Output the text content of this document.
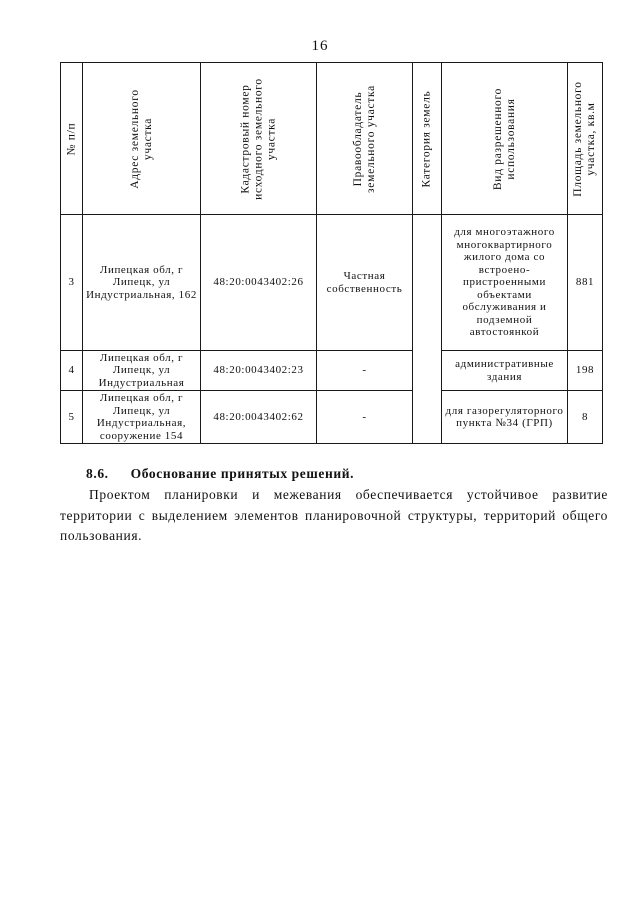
16
№ п/п	Адрес земельного участка	Кадастровый номер исходного земельного участка	Правообладатель земельного участка	Категория земель	Вид разрешенного использования	Площадь земельного участка, кв.м

3	Липецкая обл, г Липецк, ул Индустриальная, 162	48:20:0043402:26	Частная собственность		для многоэтажного многоквартирного жилого дома со встроено-пристроенными объектами обслуживания и подземной автостоянкой	881
4	Липецкая обл, г Липецк, ул Индустриальная	48:20:0043402:23	-		административные здания	198
5	Липецкая обл, г Липецк, ул Индустриальная, сооружение 154	48:20:0043402:62	-		для газорегуляторного пункта №34 (ГРП)	8
8.6. Обоснование принятых решений.
Проектом планировки и межевания обеспечивается устойчивое развитие территории с выделением элементов планировочной структуры, территорий общего пользования.
